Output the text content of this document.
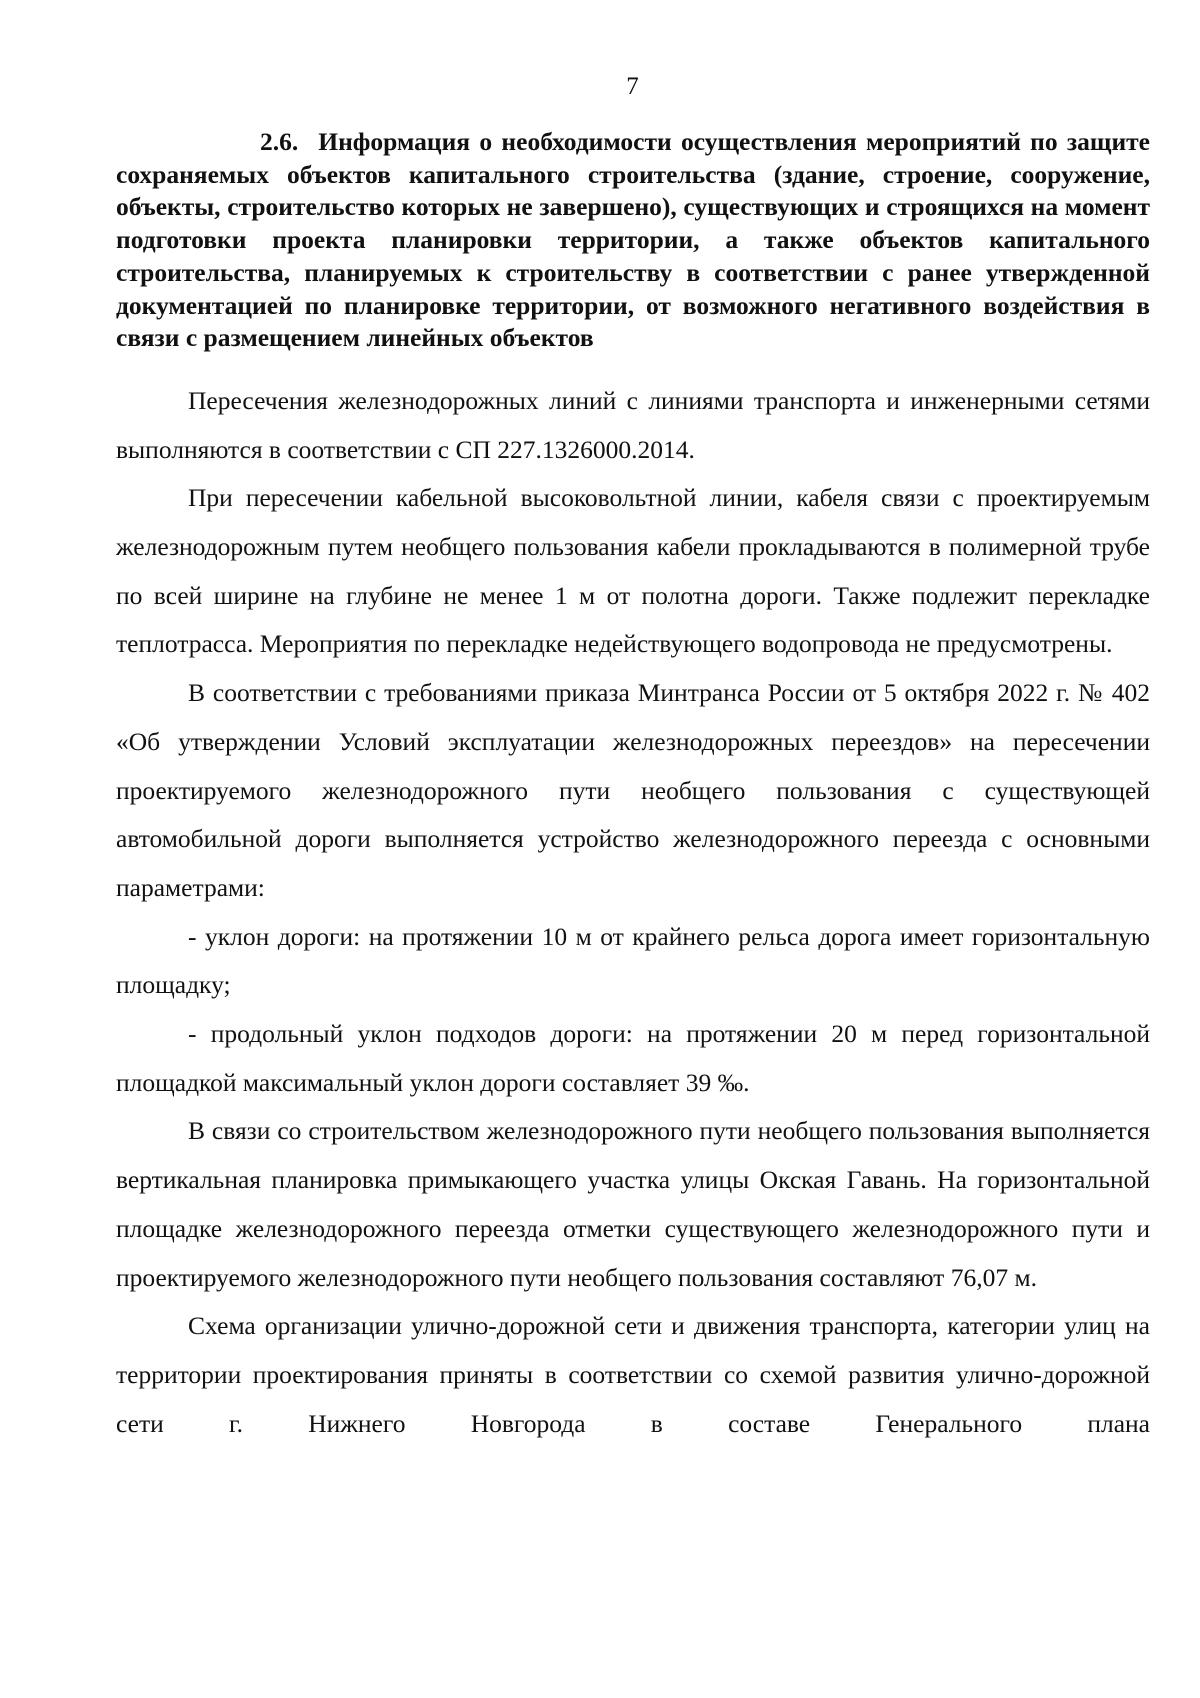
7

2.6. Информация о необходимости осуществления мероприятий по защите сохраняемых объектов капитального строительства (здание, строение, сооружение, объекты, строительство которых не завершено), существующих и строящихся на момент подготовки проекта планировки территории, а также объектов капитального строительства, планируемых к строительству в соответствии с ранее утвержденной документацией по планировке территории, от возможного негативного воздействия в связи с размещением линейных объектов

Пересечения железнодорожных линий с линиями транспорта и инженерными сетями выполняются в соответствии с СП 227.1326000.2014.

При пересечении кабельной высоковольтной линии, кабеля связи с проектируемым железнодорожным путем необщего пользования кабели прокладываются в полимерной трубе по всей ширине на глубине не менее 1 м от полотна дороги. Также подлежит перекладке теплотрасса. Мероприятия по перекладке недействующего водопровода не предусмотрены.

В соответствии с требованиями приказа Минтранса России от 5 октября 2022 г. № 402 «Об утверждении Условий эксплуатации железнодорожных переездов» на пересечении проектируемого железнодорожного пути необщего пользования с существующей автомобильной дороги выполняется устройство железнодорожного переезда с основными параметрами:

- уклон дороги: на протяжении 10 м от крайнего рельса дорога имеет горизонтальную площадку;

- продольный уклон подходов дороги: на протяжении 20 м перед горизонтальной площадкой максимальный уклон дороги составляет 39 ‰.

В связи со строительством железнодорожного пути необщего пользования выполняется вертикальная планировка примыкающего участка улицы Окская Гавань. На горизонтальной площадке железнодорожного переезда отметки существующего железнодорожного пути и проектируемого железнодорожного пути необщего пользования составляют 76,07 м.

Схема организации улично-дорожной сети и движения транспорта, категории улиц на территории проектирования приняты в соответствии со схемой развития улично-дорожной сети г. Нижнего Новгорода в составе Генерального плана
